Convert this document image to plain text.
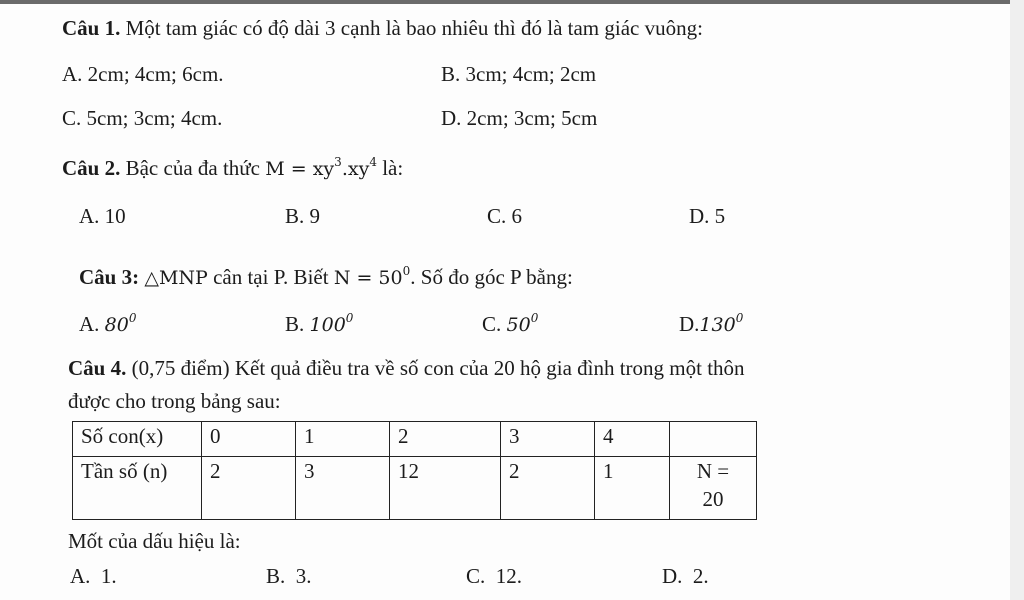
Câu 1. Một tam giác có độ dài 3 cạnh là bao nhiêu thì đó là tam giác vuông:
A. 2cm; 4cm; 6cm.	B. 3cm; 4cm; 2cm
C. 5cm; 3cm; 4cm.	D. 2cm; 3cm; 5cm
Câu 2. Bậc của đa thức $M = xy^3.xy^4$ là:
A. 10	B. 9	C. 6	D. 5
Câu 3: △MNP cân tại P. Biết $N = 50^0$. Số đo góc P bằng:
A. $80^0$	B. $100^0$	C. $50^0$	D.130$^0$
Câu 4. (0,75 điểm) Kết quả điều tra về số con của 20 hộ gia đình trong một thôn
được cho trong bảng sau:
Số con(x)	0	1	2	3	4	
Tần số (n)	2	3	12	2	1	N =
20
Mốt của dấu hiệu là:
A.  1.	B.  3.	C.  12.	D.  2.
